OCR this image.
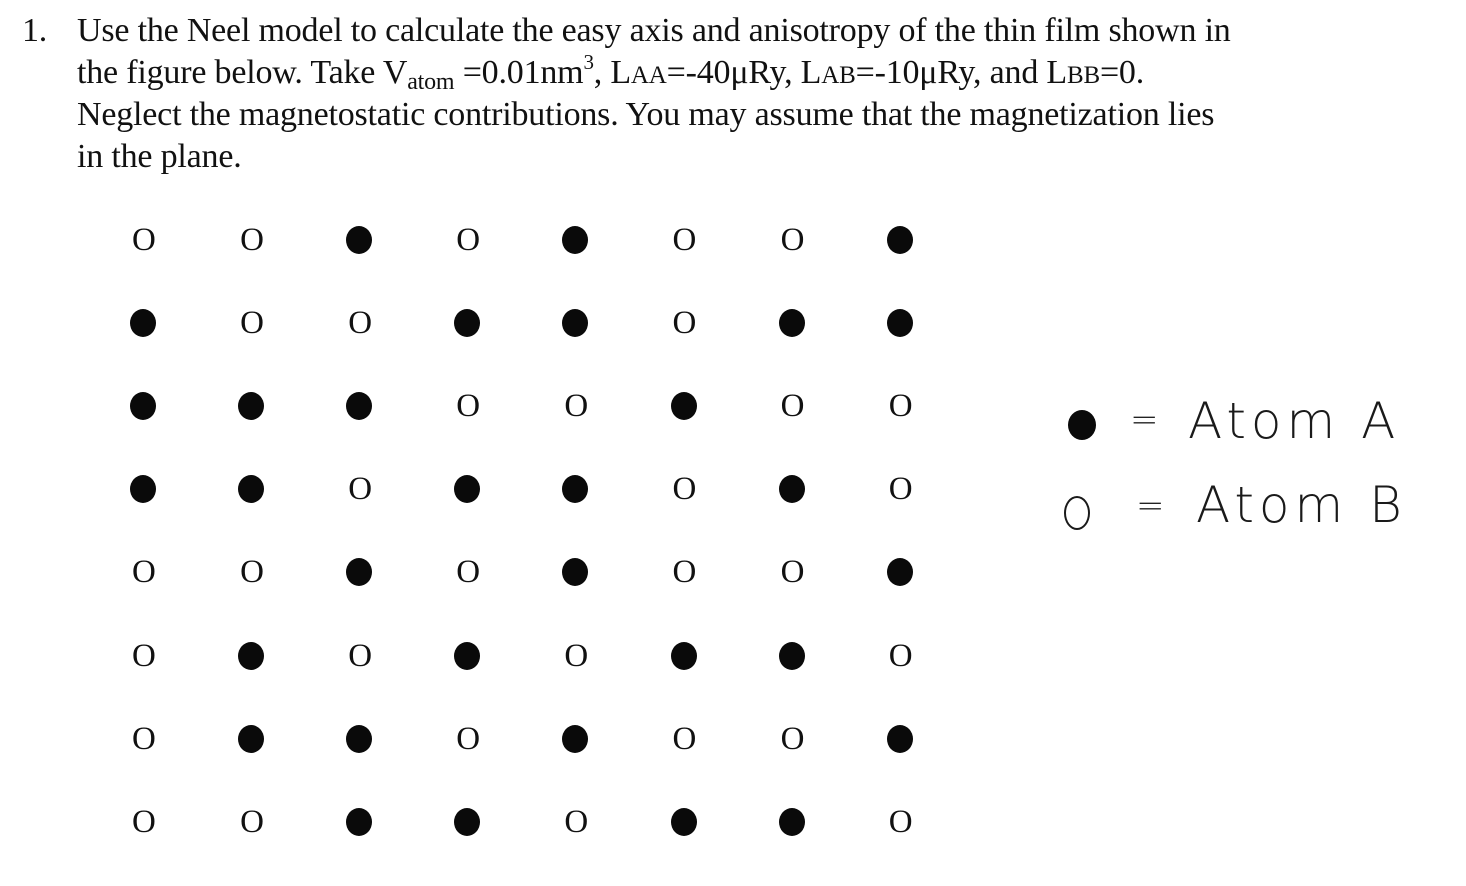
1. Use the Neel model to calculate the easy axis and anisotropy of the thin film shown in
the figure below. Take Vatom $=0.01nm^3$, LAA=-40μRy, LAB=-10μRy, and LBB=0.
Neglect the magnetostatic contributions. You may assume that the magnetization lies
in the plane.
O	O	O	O	O
O	O	O
O	O	O	O
O	O	O
O	O	O	O	O
O	O	O	O
O	O	O	O
O	O	O	O
= Atom A
= Atom B
